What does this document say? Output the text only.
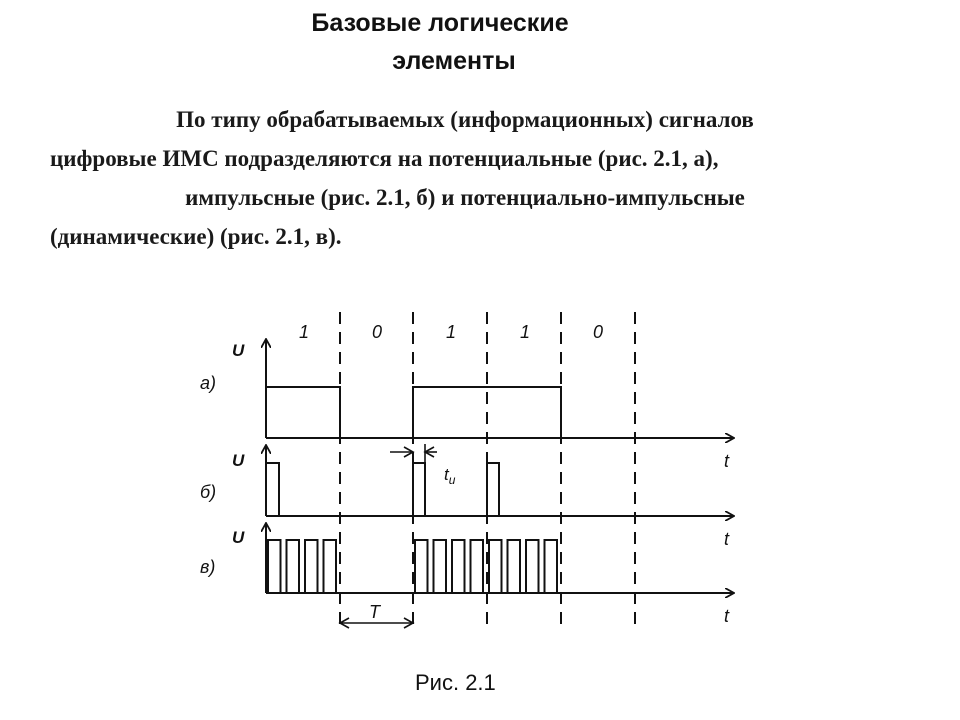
Базовые логические
элементы
По типу обрабатываемых (информационных) сигналов
цифровые ИМС подразделяются на потенциальные (рис. 2.1, а),
импульсные (рис. 2.1, б) и потенциально-импульсные
(динамические) (рис. 2.1, в).
1	0	1	1	0
U
а)
t
U
б)
t
$t_и$
U
в)
t
T
Рис. 2.1
